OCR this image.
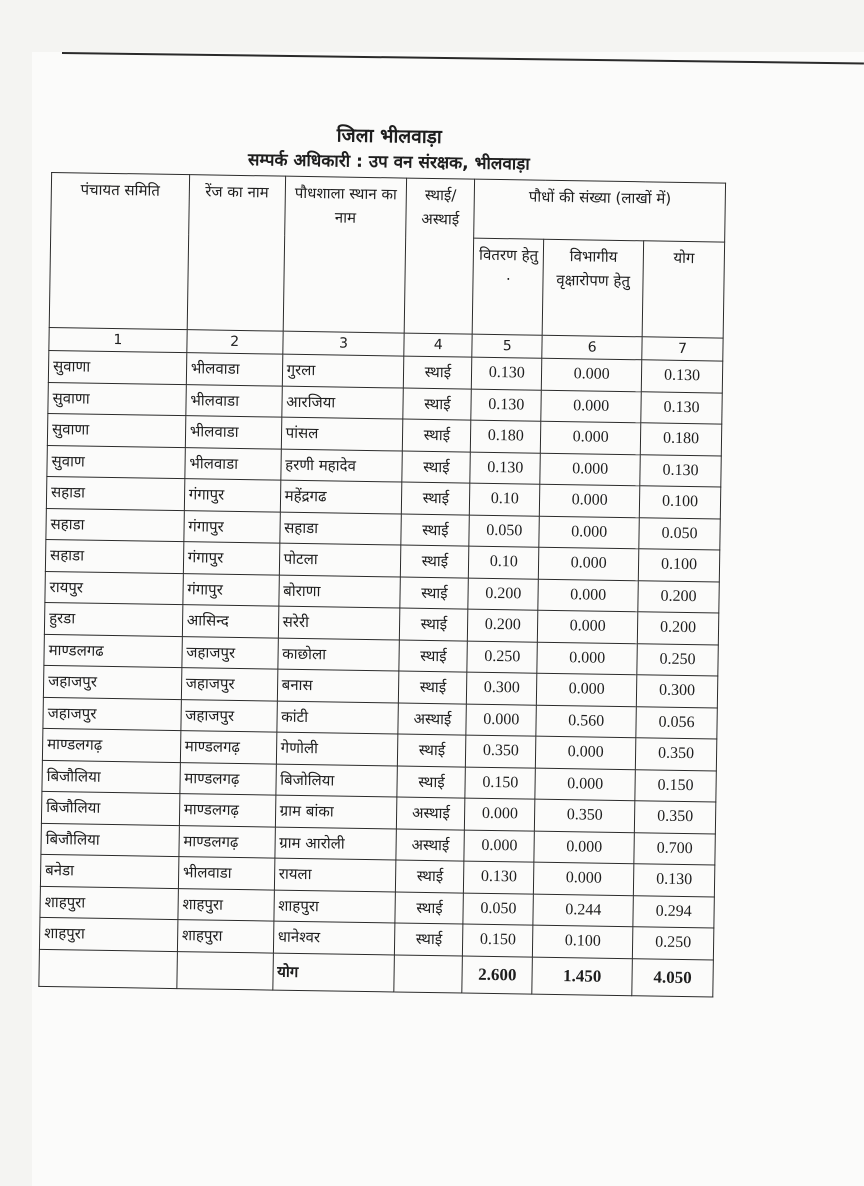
जिला भीलवाड़ा
सम्पर्क अधिकारी : उप वन संरक्षक, भीलवाड़ा
पंचायत समिति	रेंज का नाम	पौधशाला स्थान का नाम	स्थाई/ अस्थाई	पौधों की संख्या (लाखों में)		
				वितरण हेतु ·	विभागीय वृक्षारोपण हेतु	योग
1	2	3	4	5	6	7
सुवाणा	भीलवाडा	गुरला	स्थाई	0.130	0.000	0.130
सुवाणा	भीलवाडा	आरजिया	स्थाई	0.130	0.000	0.130
सुवाणा	भीलवाडा	पांसल	स्थाई	0.180	0.000	0.180
सुवाण	भीलवाडा	हरणी महादेव	स्थाई	0.130	0.000	0.130
सहाडा	गंगापुर	महेंद्रगढ	स्थाई	0.10	0.000	0.100
सहाडा	गंगापुर	सहाडा	स्थाई	0.050	0.000	0.050
सहाडा	गंगापुर	पोटला	स्थाई	0.10	0.000	0.100
रायपुर	गंगापुर	बोराणा	स्थाई	0.200	0.000	0.200
हुरडा	आसिन्द	सरेरी	स्थाई	0.200	0.000	0.200
माण्डलगढ	जहाजपुर	काछोला	स्थाई	0.250	0.000	0.250
जहाजपुर	जहाजपुर	बनास	स्थाई	0.300	0.000	0.300
जहाजपुर	जहाजपुर	कांटी	अस्थाई	0.000	0.560	0.056
माण्डलगढ़	माण्डलगढ़	गेणोली	स्थाई	0.350	0.000	0.350
बिजौलिया	माण्डलगढ़	बिजोलिया	स्थाई	0.150	0.000	0.150
बिजौलिया	माण्डलगढ़	ग्राम बांका	अस्थाई	0.000	0.350	0.350
बिजौलिया	माण्डलगढ़	ग्राम आरोली	अस्थाई	0.000	0.000	0.700
बनेडा	भीलवाडा	रायला	स्थाई	0.130	0.000	0.130
शाहपुरा	शाहपुरा	शाहपुरा	स्थाई	0.050	0.244	0.294
शाहपुरा	शाहपुरा	धानेश्वर	स्थाई	0.150	0.100	0.250
		योग		2.600	1.450	4.050
